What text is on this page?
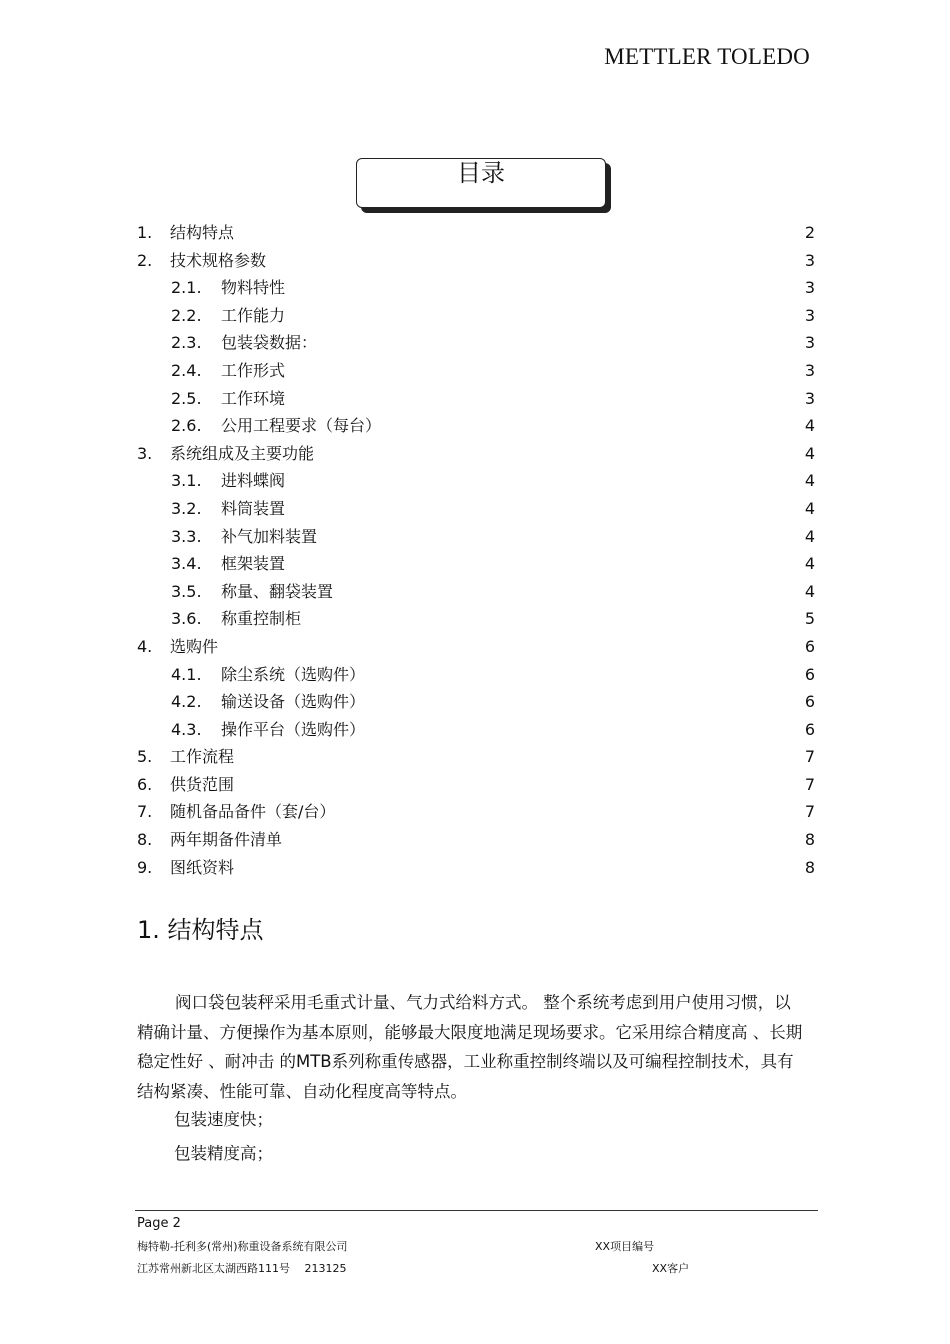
METTLER TOLEDO
目录
1. 结构特点	2
2. 技术规格参数	3
2.1. 物料特性	3
2.2. 工作能力	3
2.3. 包装袋数据：	3
2.4. 工作形式	3
2.5. 工作环境	3
2.6. 公用工程要求（每台）	4
3. 系统组成及主要功能	4
3.1. 进料蝶阀	4
3.2. 料筒装置	4
3.3. 补气加料装置	4
3.4. 框架装置	4
3.5. 称量、翻袋装置	4
3.6. 称重控制柜	5
4. 选购件	6
4.1. 除尘系统（选购件）	6
4.2. 输送设备（选购件）	6
4.3. 操作平台（选购件）	6
5. 工作流程	7
6. 供货范围	7
7. 随机备品备件（套/台）	7
8. 两年期备件清单	8
9. 图纸资料	8
1. 结构特点

阀口袋包装秤采用毛重式计量、气力式给料方式。 整个系统考虑到用户使用习惯，以精确计量、方便操作为基本原则，能够最大限度地满足现场要求。它采用综合精度高 、长期稳定性好 、耐冲击 的MTB系列称重传感器，工业称重控制终端以及可编程控制技术，具有结构紧凑、性能可靠、自动化程度高等特点。

包装速度快；
包装精度高；
Page 2
梅特勒-托利多(常州)称重设备系统有限公司	XX项目编号
江苏常州新北区太湖西路111号　 213125	XX客户
